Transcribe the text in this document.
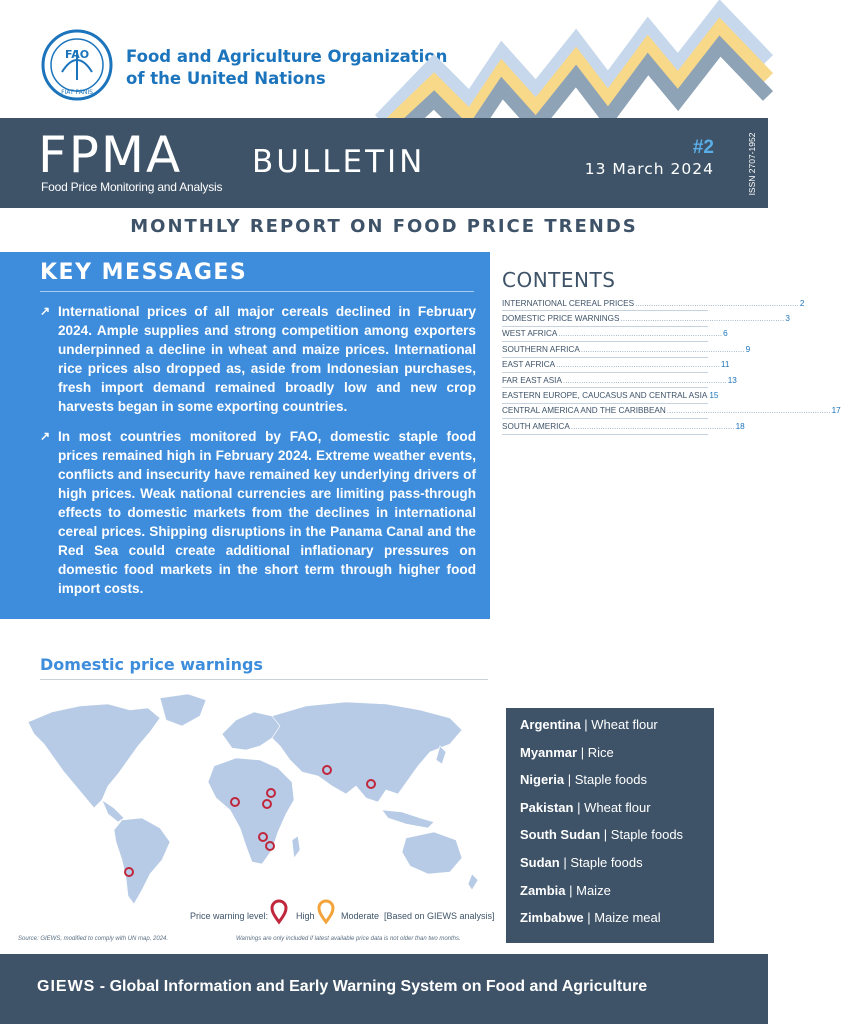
FAO
FIAT PANIS
Food and Agriculture Organization
of the United Nations
FPMA
Food Price Monitoring and Analysis
BULLETIN	#2
13 March 2024	ISSN 2707-1952
MONTHLY REPORT ON FOOD PRICE TRENDS
KEY MESSAGES
↗ International prices of all major cereals declined in February 2024. Ample supplies and strong competition among exporters underpinned a decline in wheat and maize prices. International rice prices also dropped as, aside from Indonesian purchases, fresh import demand remained broadly low and new crop harvests began in some exporting countries.
↗ In most countries monitored by FAO, domestic staple food prices remained high in February 2024. Extreme weather events, conflicts and insecurity have remained key underlying drivers of high prices. Weak national currencies are limiting pass-through effects to domestic markets from the declines in international cereal prices. Shipping disruptions in the Panama Canal and the Red Sea could create additional inflationary pressures on domestic food markets in the short term through higher food import costs.
CONTENTS
INTERNATIONAL CEREAL PRICES ........................................................................ 2
DOMESTIC PRICE WARNINGS ........................................................................ 3
WEST AFRICA ........................................................................ 6
SOUTHERN AFRICA ........................................................................ 9
EAST AFRICA ........................................................................ 11
FAR EAST ASIA ........................................................................ 13
EASTERN EUROPE, CAUCASUS AND CENTRAL ASIA 15
CENTRAL AMERICA AND THE CARIBBEAN ........................................................................ 17
SOUTH AMERICA ........................................................................ 18
Domestic price warnings
Price warning level:	High	Moderate [Based on GIEWS analysis]
Source: GIEWS, modified to comply with UN map, 2024.	Warnings are only included if latest available price data is not older than two months.
Argentina | Wheat flour
Myanmar | Rice
Nigeria | Staple foods
Pakistan | Wheat flour
South Sudan | Staple foods
Sudan | Staple foods
Zambia | Maize
Zimbabwe | Maize meal
GIEWS - Global Information and Early Warning System on Food and Agriculture
